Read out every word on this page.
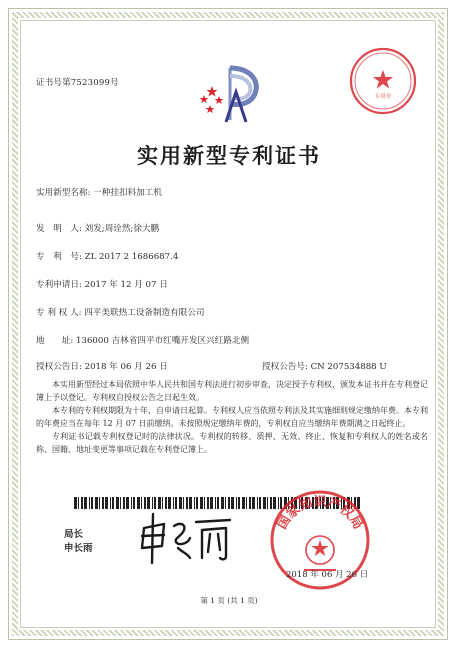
证书号第7523099号
专用章
实用新型专利证书
实用新型名称: 一种挂扣料加工机
发　明　人: 刘发;周诠然;徐大鹏
专　利　号: ZL 2017 2 1686687.4
专利申请日: 2017 年 12 月 07 日
专 利 权 人: 四平美联热工设备制造有限公司
地　　址: 136000 吉林省四平市红嘴开发区兴红路北侧
授权公告日: 2018 年 06 月 26 日	授权公告号: CN 207534888 U

本实用新型经过本局依照中华人民共和国专利法进行初步审查，决定授予专利权，颁发本证书并在专利登记簿上予以登记。专利权自授权公告之日起生效。

本专利的专利权期限为十年，自申请日起算。专利权人应当依照专利法及其实施细则规定缴纳年费。本专利的年费应当在每年 12 月 07 日前缴纳。未按照规定缴纳年费的，专利权自应当缴纳年费期满之日起终止。

专利证书记载专利权登记时的法律状况。专利权的转移、质押、无效、终止、恢复和专利权人的姓名或名称、国籍、地址变更等事项记载在专利登记簿上。

局长
申长雨
国家知识产权局
2018 年 06 月 26 日
第 1 页 (共 1 页)
